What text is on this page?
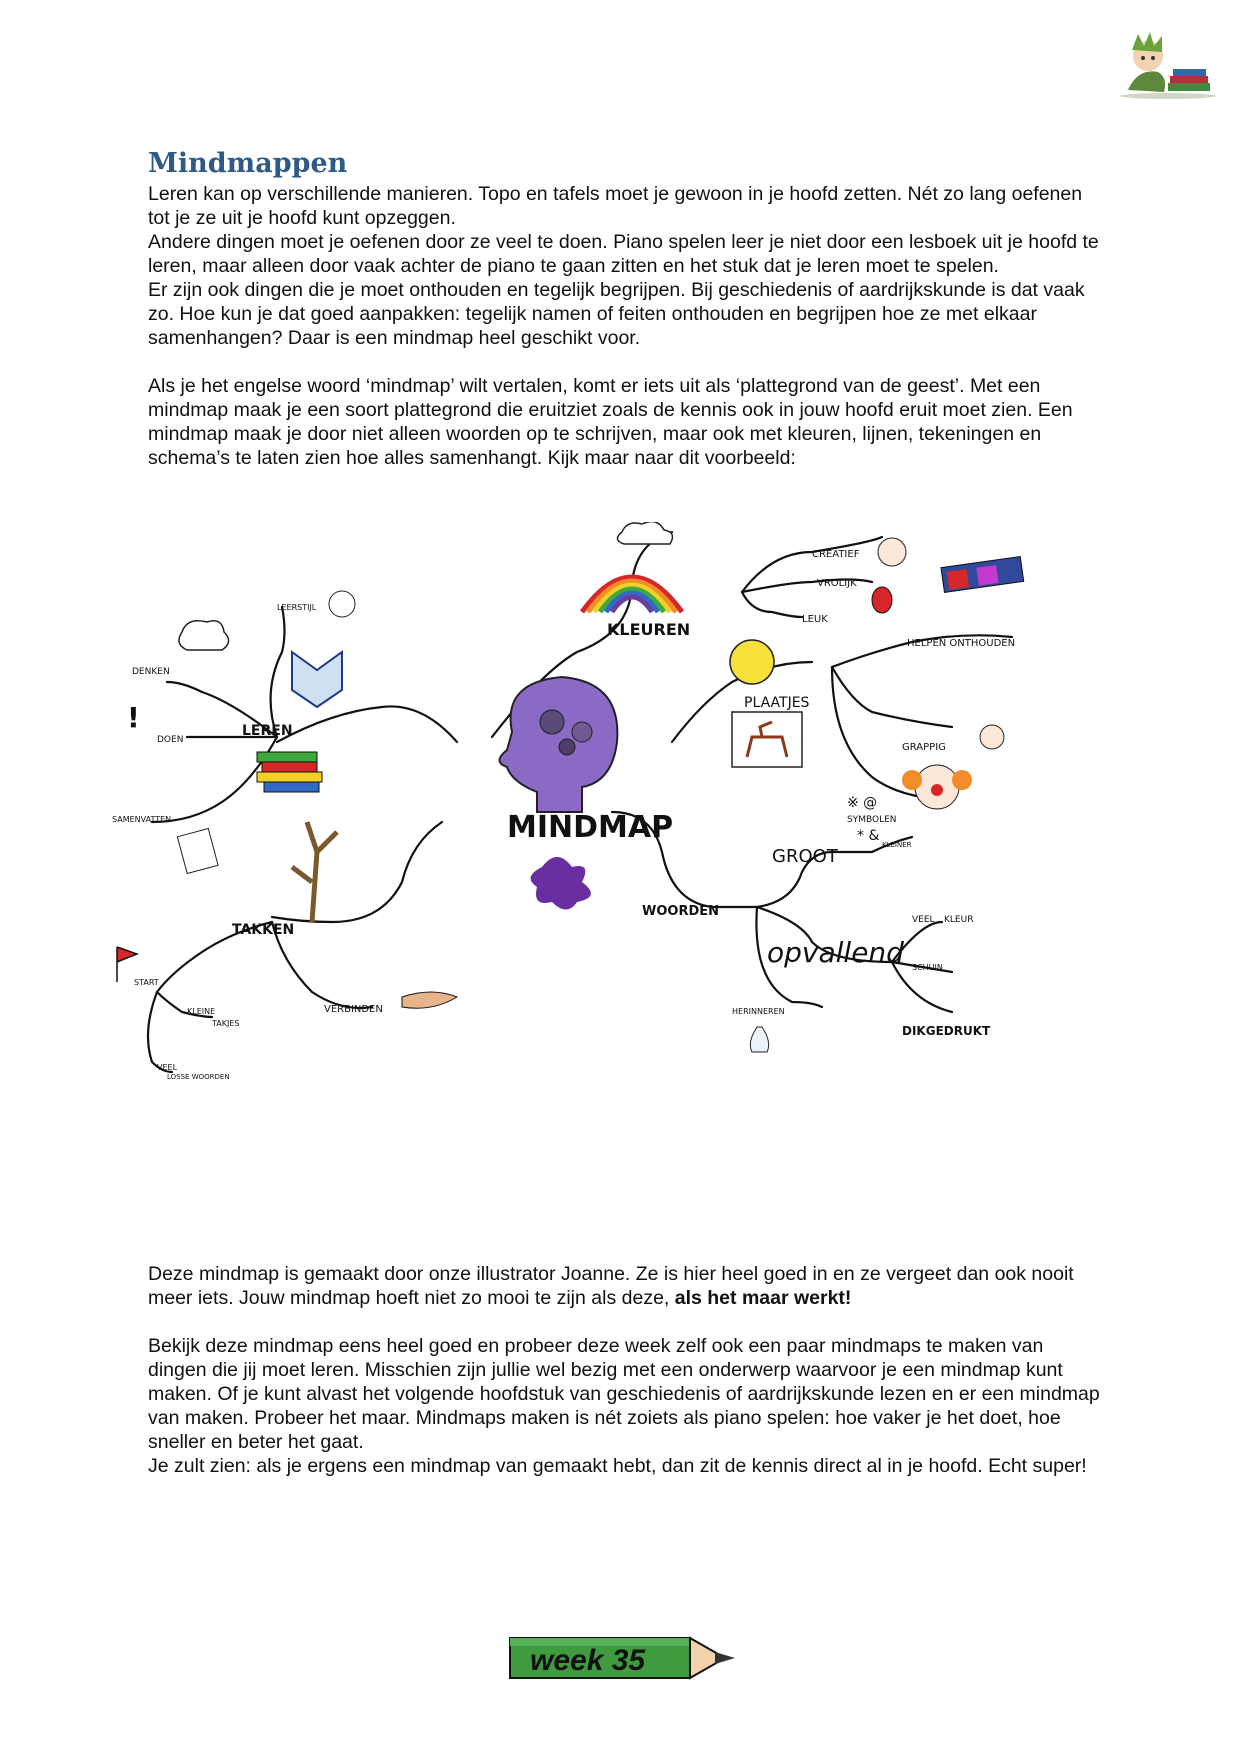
Mindmappen

Leren kan op verschillende manieren. Topo en tafels moet je gewoon in je hoofd zetten. Nét zo lang oefenen tot je ze uit je hoofd kunt opzeggen.

Andere dingen moet je oefenen door ze veel te doen. Piano spelen leer je niet door een lesboek uit je hoofd te leren, maar alleen door vaak achter de piano te gaan zitten en het stuk dat je leren moet te spelen.

Er zijn ook dingen die je moet onthouden en tegelijk begrijpen. Bij geschiedenis of aardrijkskunde is dat vaak zo. Hoe kun je dat goed aanpakken: tegelijk namen of feiten onthouden en begrijpen hoe ze met elkaar samenhangen? Daar is een mindmap heel geschikt voor.

Als je het engelse woord ‘mindmap’ wilt vertalen, komt er iets uit als ‘plattegrond van de geest’. Met een mindmap maak je een soort plattegrond die eruitziet zoals de kennis ook in jouw hoofd eruit moet zien. Een mindmap maak je door niet alleen woorden op te schrijven, maar ook met kleuren, lijnen, tekeningen en schema’s te laten zien hoe alles samenhangt. Kijk maar naar dit voorbeeld:

MINDMAP
KLEUREN
CREATIEF
VROLIJK
LEUK
PLAATJES
HELPEN ONTHOUDEN
GRAPPIG
SYMBOLEN
※ @
* &
LEREN
LEERSTIJL
DENKEN
DOEN
SAMENVATTEN
!
TAKKEN
START
KLEINE
TAKJES
VEEL
LOSSE WOORDEN
VERBINDEN
WOORDEN
GROOT
KLEINER
opvallend
VEEL KLEUR
SCHUIN
HERINNEREN
DIKGEDRUKT

Deze mindmap is gemaakt door onze illustrator Joanne. Ze is hier heel goed in en ze vergeet dan ook nooit meer iets. Jouw mindmap hoeft niet zo mooi te zijn als deze, als het maar werkt!

Bekijk deze mindmap eens heel goed en probeer deze week zelf ook een paar mindmaps te maken van dingen die jij moet leren. Misschien zijn jullie wel bezig met een onderwerp waarvoor je een mindmap kunt maken. Of je kunt alvast het volgende hoofdstuk van geschiedenis of aardrijkskunde lezen en er een mindmap van maken. Probeer het maar. Mindmaps maken is nét zoiets als piano spelen: hoe vaker je het doet, hoe sneller en beter het gaat.

Je zult zien: als je ergens een mindmap van gemaakt hebt, dan zit de kennis direct al in je hoofd. Echt super!

week 35
